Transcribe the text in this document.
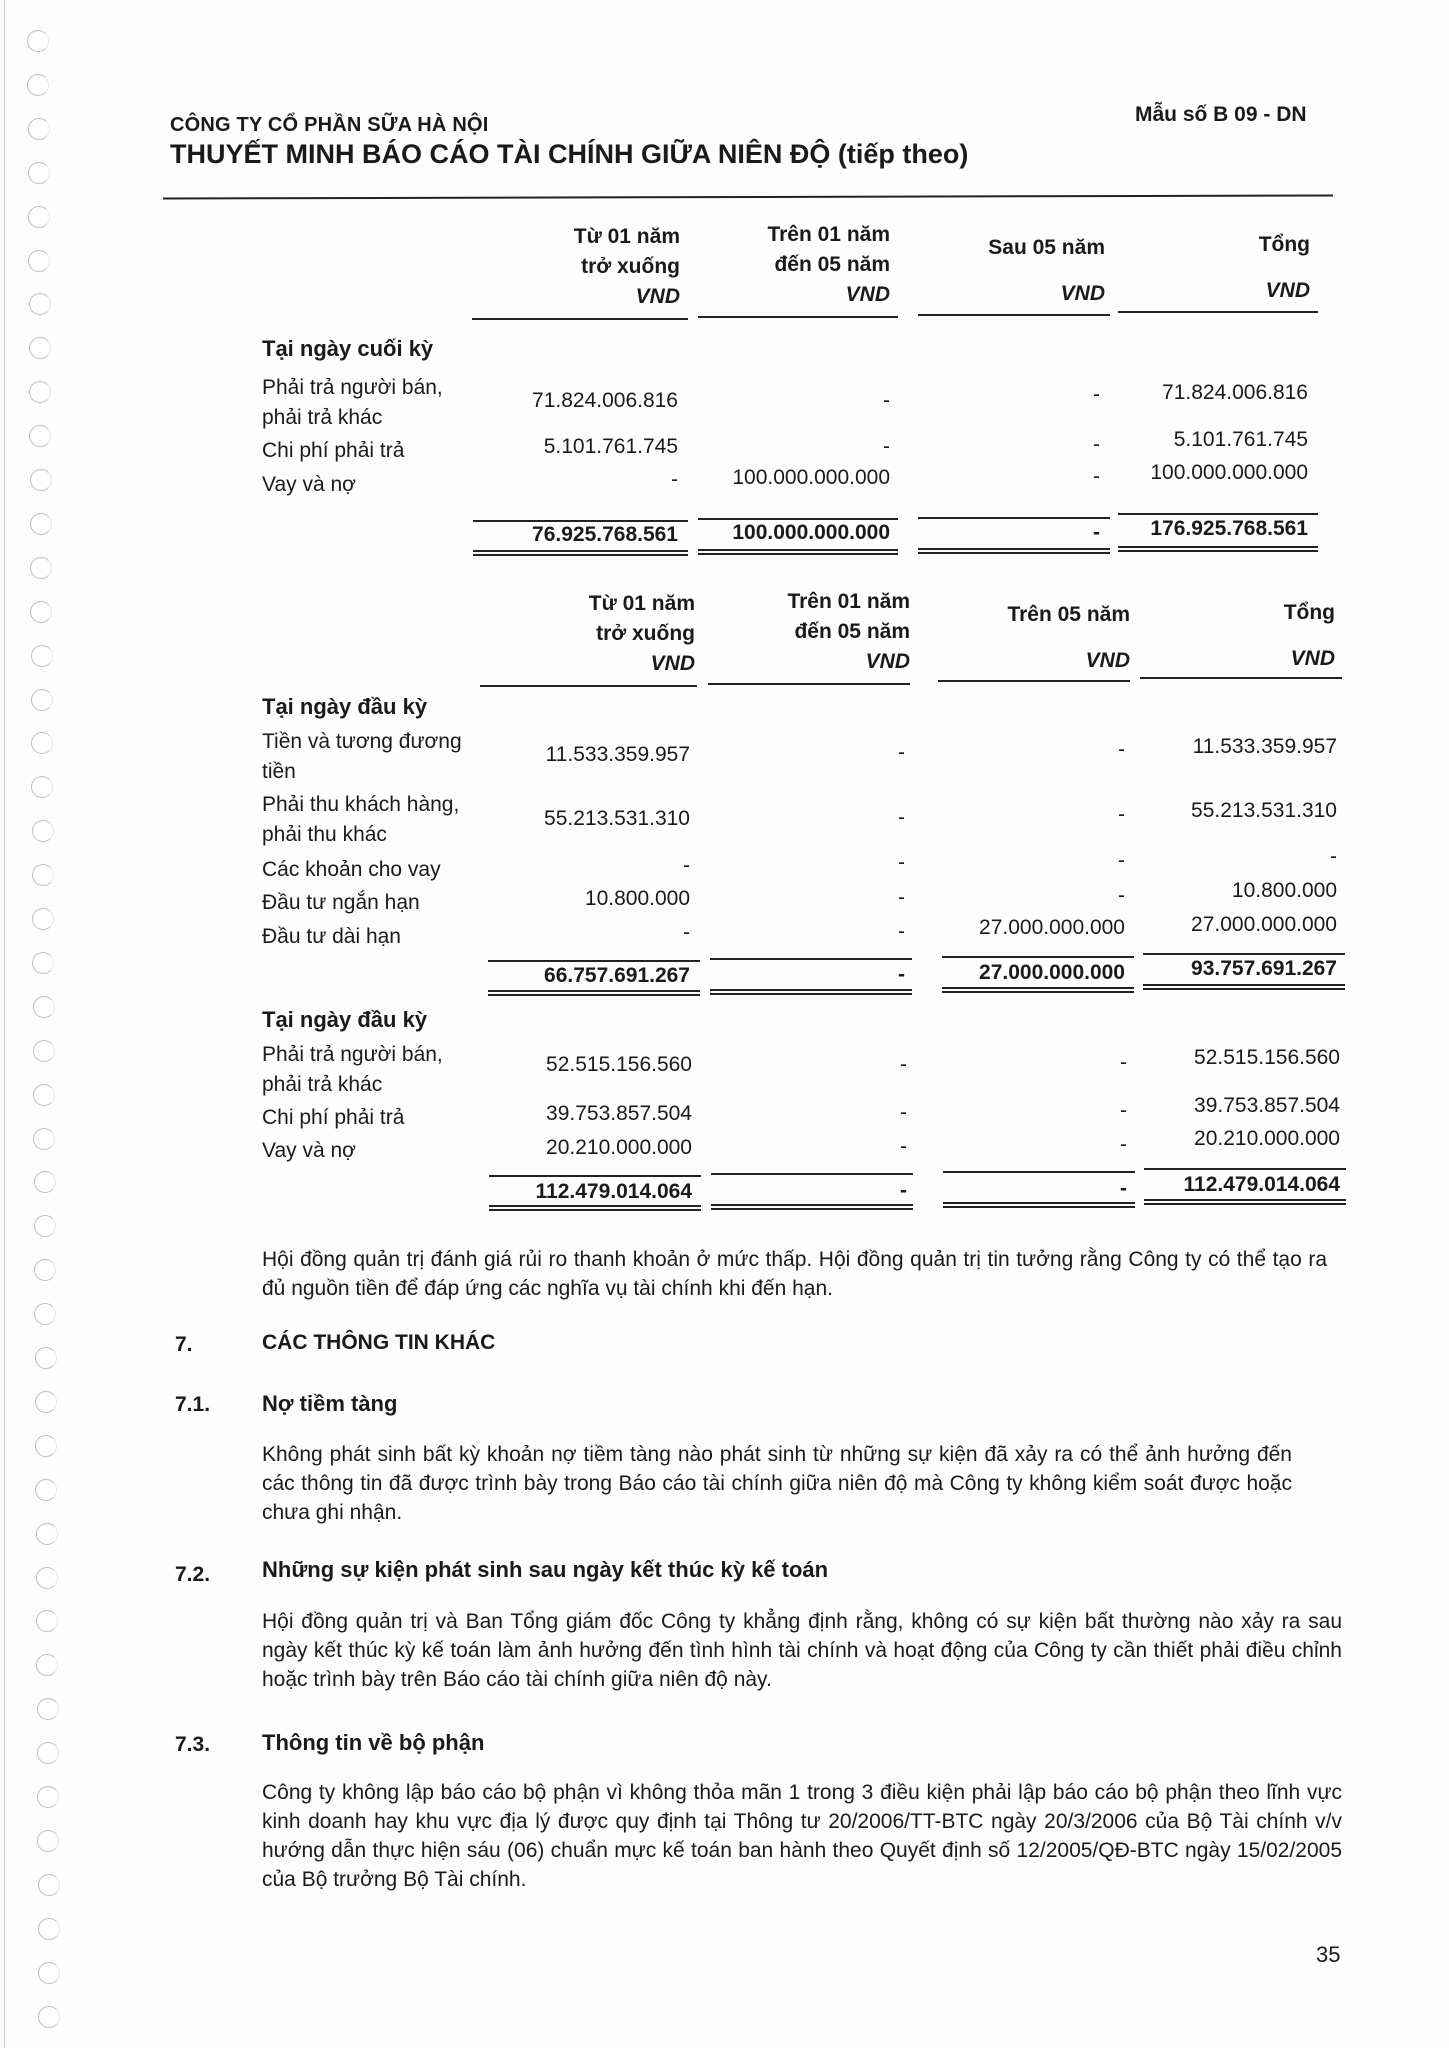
CÔNG TY CỔ PHẦN SỮA HÀ NỘI
THUYẾT MINH BÁO CÁO TÀI CHÍNH GIỮA NIÊN ĐỘ (tiếp theo)
Mẫu số B 09 - DN
Từ 01 năm
trở xuống
VND
Trên 01 năm
đến 05 năm
VND
Sau 05 năm
VND
Tổng
VND
Tại ngày cuối kỳ
Phải trả người bán, phải trả khác
71.824.006.816	-	-	71.824.006.816
Chi phí phải trả	5.101.761.745	-	-	5.101.761.745
Vay và nợ	-	100.000.000.000	-	100.000.000.000
76.925.768.561	100.000.000.000	-	176.925.768.561
Từ 01 năm
trở xuống
VND
Trên 01 năm
đến 05 năm
VND
Trên 05 năm
VND
Tổng
VND
Tại ngày đầu kỳ
Tiền và tương đương tiền
11.533.359.957	-	-	11.533.359.957
Phải thu khách hàng, phải thu khác
55.213.531.310	-	-	55.213.531.310
Các khoản cho vay	-	-	-	-
Đầu tư ngắn hạn	10.800.000	-	-	10.800.000
Đầu tư dài hạn	-	-	27.000.000.000	27.000.000.000
66.757.691.267	-	27.000.000.000	93.757.691.267
Tại ngày đầu kỳ
Phải trả người bán, phải trả khác
52.515.156.560	-	-	52.515.156.560
Chi phí phải trả	39.753.857.504	-	-	39.753.857.504
Vay và nợ	20.210.000.000	-	-	20.210.000.000
112.479.014.064	-	-	112.479.014.064
Hội đồng quản trị đánh giá rủi ro thanh khoản ở mức thấp. Hội đồng quản trị tin tưởng rằng Công ty có thể tạo ra đủ nguồn tiền để đáp ứng các nghĩa vụ tài chính khi đến hạn.
7.	CÁC THÔNG TIN KHÁC
7.1. Nợ tiềm tàng
Không phát sinh bất kỳ khoản nợ tiềm tàng nào phát sinh từ những sự kiện đã xảy ra có thể ảnh hưởng đến các thông tin đã được trình bày trong Báo cáo tài chính giữa niên độ mà Công ty không kiểm soát được hoặc chưa ghi nhận.
7.2. Những sự kiện phát sinh sau ngày kết thúc kỳ kế toán
Hội đồng quản trị và Ban Tổng giám đốc Công ty khẳng định rằng, không có sự kiện bất thường nào xảy ra sau ngày kết thúc kỳ kế toán làm ảnh hưởng đến tình hình tài chính và hoạt động của Công ty cần thiết phải điều chỉnh hoặc trình bày trên Báo cáo tài chính giữa niên độ này.
7.3. Thông tin về bộ phận
Công ty không lập báo cáo bộ phận vì không thỏa mãn 1 trong 3 điều kiện phải lập báo cáo bộ phận theo lĩnh vực kinh doanh hay khu vực địa lý được quy định tại Thông tư 20/2006/TT-BTC ngày 20/3/2006 của Bộ Tài chính v/v hướng dẫn thực hiện sáu (06) chuẩn mực kế toán ban hành theo Quyết định số 12/2005/QĐ-BTC ngày 15/02/2005 của Bộ trưởng Bộ Tài chính.
35
